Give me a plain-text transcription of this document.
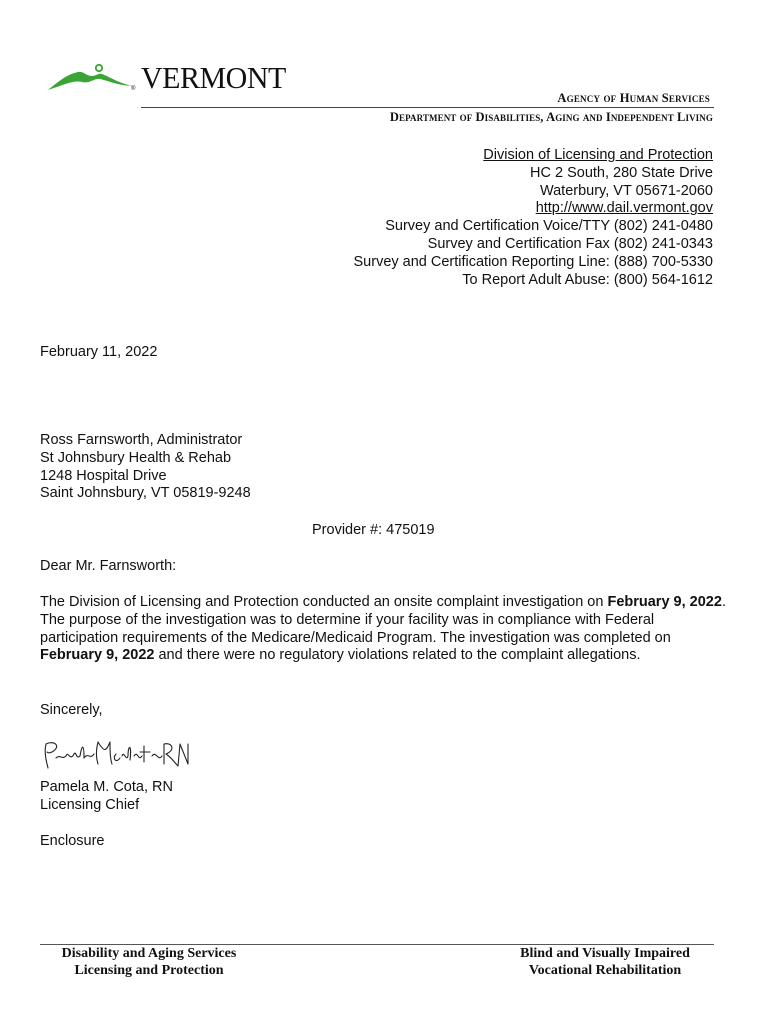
VERMONT
®
Agency of Human Services
Department of Disabilities, Aging and Independent Living
Division of Licensing and Protection
HC 2 South, 280 State Drive
Waterbury, VT 05671-2060
http://www.dail.vermont.gov
Survey and Certification Voice/TTY (802) 241-0480
Survey and Certification Fax (802) 241-0343
Survey and Certification Reporting Line: (888) 700-5330
To Report Adult Abuse: (800) 564-1612
February 11, 2022
Ross Farnsworth, Administrator
St Johnsbury Health & Rehab
1248 Hospital Drive
Saint Johnsbury, VT 05819-9248
Provider #: 475019
Dear Mr. Farnsworth:
The Division of Licensing and Protection conducted an onsite complaint investigation on February 9, 2022. The purpose of the investigation was to determine if your facility was in compliance with Federal participation requirements of the Medicare/Medicaid Program. The investigation was completed on February 9, 2022 and there were no regulatory violations related to the complaint allegations.
Sincerely,
Pamela M. Cota, RN
Licensing Chief
Enclosure
Disability and Aging Services
Licensing and Protection
Blind and Visually Impaired
Vocational Rehabilitation
